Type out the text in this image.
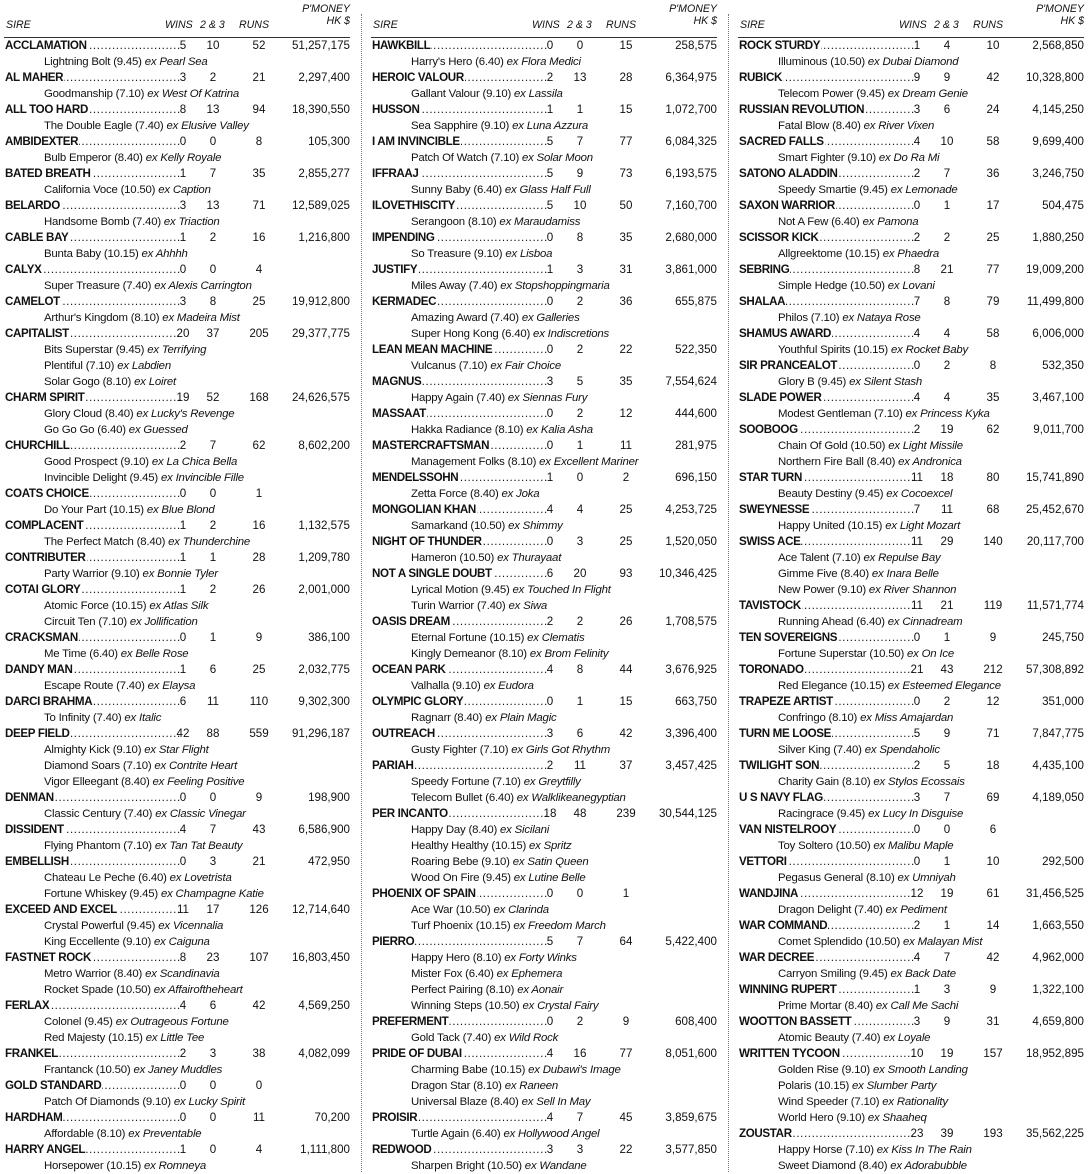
SIRE	WINS 2 & 3 RUNS
P'MONEY
HK $
.....
ACCLAMATION	5	10	52	51,257,175
Lightning Bolt (9.45) ex Pearl Sea
.....
AL MAHER	3	2	21	2,297,400
Goodmanship (7.10) ex West Of Katrina
.....
ALL TOO HARD	8	13	94	18,390,550
The Double Eagle (7.40) ex Elusive Valley
.....
AMBIDEXTER	0	0	8	105,300
Bulb Emperor (8.40) ex Kelly Royale
.....
BATED BREATH	1	7	35	2,855,277
California Voce (10.50) ex Caption
.....
BELARDO	3	13	71	12,589,025
Handsome Bomb (7.40) ex Triaction
.....
CABLE BAY	1	2	16	1,216,800
Bunta Baby (10.15) ex Ahhhh
.....
CALYX	0	0	4
Super Treasure (7.40) ex Alexis Carrington
.....
CAMELOT	3	8	25	19,912,800
Arthur's Kingdom (8.10) ex Madeira Mist
.....
CAPITALIST	20	37	205	29,377,775
Bits Superstar (9.45) ex Terrifying
Plentiful (7.10) ex Labdien
Solar Gogo (8.10) ex Loiret
.....
CHARM SPIRIT	19	52	168	24,626,575
Glory Cloud (8.40) ex Lucky's Revenge
Go Go Go (6.40) ex Guessed
.....
CHURCHILL	2	7	62	8,602,200
Good Prospect (9.10) ex La Chica Bella
Invincible Delight (9.45) ex Invincible Fille
.....
COATS CHOICE	0	0	1
Do Your Part (10.15) ex Blue Blond
.....
COMPLACENT	1	2	16	1,132,575
The Perfect Match (8.40) ex Thunderchine
.....
CONTRIBUTER	1	1	28	1,209,780
Party Warrior (9.10) ex Bonnie Tyler
.....
COTAI GLORY	1	2	26	2,001,000
Atomic Force (10.15) ex Atlas Silk
Circuit Ten (7.10) ex Jollification
.....
CRACKSMAN	0	1	9	386,100
Me Time (6.40) ex Belle Rose
.....
DANDY MAN	1	6	25	2,032,775
Escape Route (7.40) ex Elaysa
.....
DARCI BRAHMA	6	11	110	9,302,300
To Infinity (7.40) ex Italic
.....
DEEP FIELD	42	88	559	91,296,187
Almighty Kick (9.10) ex Star Flight
Diamond Soars (7.10) ex Contrite Heart
Vigor Elleegant (8.40) ex Feeling Positive
.....
DENMAN	0	0	9	198,900
Classic Century (7.40) ex Classic Vinegar
.....
DISSIDENT	4	7	43	6,586,900
Flying Phantom (7.10) ex Tan Tat Beauty
.....
EMBELLISH	0	3	21	472,950
Chateau Le Peche (6.40) ex Lovetrista
Fortune Whiskey (9.45) ex Champagne Katie
.....
EXCEED AND EXCEL	11	17	126	12,714,640
Crystal Powerful (9.45) ex Vicennalia
King Eccellente (9.10) ex Caiguna
.....
FASTNET ROCK	8	23	107	16,803,450
Metro Warrior (8.40) ex Scandinavia
Rocket Spade (10.50) ex Affairoftheheart
.....
FERLAX	4	6	42	4,569,250
Colonel (9.45) ex Outrageous Fortune
Red Majesty (10.15) ex Little Tee
.....
FRANKEL	2	3	38	4,082,099
Frantanck (10.50) ex Janey Muddles
.....
GOLD STANDARD	0	0	0
Patch Of Diamonds (9.10) ex Lucky Spirit
.....
HARDHAM	0	0	11	70,200
Affordable (8.10) ex Preventable
.....
HARRY ANGEL	1	0	4	1,111,800
Horsepower (10.15) ex Romneya
SIRE	WINS 2 & 3 RUNS
P'MONEY
HK $
.....
HAWKBILL	0	0	15	258,575
Harry's Hero (6.40) ex Flora Medici
.....
HEROIC VALOUR	2	13	28	6,364,975
Gallant Valour (9.10) ex Lassila
.....
HUSSON	1	1	15	1,072,700
Sea Sapphire (9.10) ex Luna Azzura
.....
I AM INVINCIBLE	5	7	77	6,084,325
Patch Of Watch (7.10) ex Solar Moon
.....
IFFRAAJ	5	9	73	6,193,575
Sunny Baby (6.40) ex Glass Half Full
.....
ILOVETHISCITY	5	10	50	7,160,700
Serangoon (8.10) ex Maraudamiss
.....
IMPENDING	0	8	35	2,680,000
So Treasure (9.10) ex Lisboa
.....
JUSTIFY	1	3	31	3,861,000
Miles Away (7.40) ex Stopshoppingmaria
.....
KERMADEC	0	2	36	655,875
Amazing Award (7.40) ex Galleries
Super Hong Kong (6.40) ex Indiscretions
.....
LEAN MEAN MACHINE	0	2	22	522,350
Vulcanus (7.10) ex Fair Choice
.....
MAGNUS	3	5	35	7,554,624
Happy Again (7.40) ex Siennas Fury
.....
MASSAAT	0	2	12	444,600
Hakka Radiance (8.10) ex Kalia Asha
.....
MASTERCRAFTSMAN	0	1	11	281,975
Management Folks (8.10) ex Excellent Mariner
.....
MENDELSSOHN	1	0	2	696,150
Zetta Force (8.40) ex Joka
.....
MONGOLIAN KHAN	4	4	25	4,253,725
Samarkand (10.50) ex Shimmy
.....
NIGHT OF THUNDER	0	3	25	1,520,050
Hameron (10.50) ex Thurayaat
.....
NOT A SINGLE DOUBT	6	20	93	10,346,425
Lyrical Motion (9.45) ex Touched In Flight
Turin Warrior (7.40) ex Siwa
.....
OASIS DREAM	2	2	26	1,708,575
Eternal Fortune (10.15) ex Clematis
Kingly Demeanor (8.10) ex Brom Felinity
.....
OCEAN PARK	4	8	44	3,676,925
Valhalla (9.10) ex Eudora
.....
OLYMPIC GLORY	0	1	15	663,750
Ragnarr (8.40) ex Plain Magic
.....
OUTREACH	3	6	42	3,396,400
Gusty Fighter (7.10) ex Girls Got Rhythm
.....
PARIAH	2	11	37	3,457,425
Speedy Fortune (7.10) ex Greytfilly
Telecom Bullet (6.40) ex Walklikeanegyptian
.....
PER INCANTO	18	48	239	30,544,125
Happy Day (8.40) ex Sicilani
Healthy Healthy (10.15) ex Spritz
Roaring Bebe (9.10) ex Satin Queen
Wood On Fire (9.45) ex Lutine Belle
.....
PHOENIX OF SPAIN	0	0	1
Ace War (10.50) ex Clarinda
Turf Phoenix (10.15) ex Freedom March
.....
PIERRO	5	7	64	5,422,400
Happy Hero (8.10) ex Forty Winks
Mister Fox (6.40) ex Ephemera
Perfect Pairing (8.10) ex Aonair
Winning Steps (10.50) ex Crystal Fairy
.....
PREFERMENT	0	2	9	608,400
Gold Tack (7.40) ex Wild Rock
.....
PRIDE OF DUBAI	4	16	77	8,051,600
Charming Babe (10.15) ex Dubawi's Image
Dragon Star (8.10) ex Raneen
Universal Blaze (8.40) ex Sell In May
.....
PROISIR	4	7	45	3,859,675
Turtle Again (6.40) ex Hollywood Angel
.....
REDWOOD	3	3	22	3,577,850
Sharpen Bright (10.50) ex Wandane
SIRE	WINS 2 & 3 RUNS
P'MONEY
HK $
.....
ROCK STURDY	1	4	10	2,568,850
Illuminous (10.50) ex Dubai Diamond
.....
RUBICK	9	9	42	10,328,800
Telecom Power (9.45) ex Dream Genie
.....
RUSSIAN REVOLUTION	3	6	24	4,145,250
Fatal Blow (8.40) ex River Vixen
.....
SACRED FALLS	4	10	58	9,699,400
Smart Fighter (9.10) ex Do Ra Mi
.....
SATONO ALADDIN	2	7	36	3,246,750
Speedy Smartie (9.45) ex Lemonade
.....
SAXON WARRIOR	0	1	17	504,475
Not A Few (6.40) ex Pamona
.....
SCISSOR KICK	2	2	25	1,880,250
Allgreektome (10.15) ex Phaedra
.....
SEBRING	8	21	77	19,009,200
Simple Hedge (10.50) ex Lovani
.....
SHALAA	7	8	79	11,499,800
Philos (7.10) ex Nataya Rose
.....
SHAMUS AWARD	4	4	58	6,006,000
Youthful Spirits (10.15) ex Rocket Baby
.....
SIR PRANCEALOT	0	2	8	532,350
Glory B (9.45) ex Silent Stash
.....
SLADE POWER	4	4	35	3,467,100
Modest Gentleman (7.10) ex Princess Kyka
.....
SOOBOOG	2	19	62	9,011,700
Chain Of Gold (10.50) ex Light Missile
Northern Fire Ball (8.40) ex Andronica
.....
STAR TURN	11	18	80	15,741,890
Beauty Destiny (9.45) ex Cocoexcel
.....
SWEYNESSE	7	11	68	25,452,670
Happy United (10.15) ex Light Mozart
.....
SWISS ACE	11	29	140	20,117,700
Ace Talent (7.10) ex Repulse Bay
Gimme Five (8.40) ex Inara Belle
New Power (9.10) ex River Shannon
.....
TAVISTOCK	11	21	119	11,571,774
Running Ahead (6.40) ex Cinnadream
.....
TEN SOVEREIGNS	0	1	9	245,750
Fortune Superstar (10.50) ex On Ice
.....
TORONADO	21	43	212	57,308,892
Red Elegance (10.15) ex Esteemed Elegance
.....
TRAPEZE ARTIST	0	2	12	351,000
Confringo (8.10) ex Miss Amajardan
.....
TURN ME LOOSE	5	9	71	7,847,775
Silver King (7.40) ex Spendaholic
.....
TWILIGHT SON	2	5	18	4,435,100
Charity Gain (8.10) ex Stylos Ecossais
.....
U S NAVY FLAG	3	7	69	4,189,050
Racingrace (9.45) ex Lucy In Disguise
.....
VAN NISTELROOY	0	0	6
Toy Soltero (10.50) ex Malibu Maple
.....
VETTORI	0	1	10	292,500
Pegasus General (8.10) ex Umniyah
.....
WANDJINA	12	19	61	31,456,525
Dragon Delight (7.40) ex Pediment
.....
WAR COMMAND	2	1	14	1,663,550
Comet Splendido (10.50) ex Malayan Mist
.....
WAR DECREE	4	7	42	4,962,000
Carryon Smiling (9.45) ex Back Date
.....
WINNING RUPERT	1	3	9	1,322,100
Prime Mortar (8.40) ex Call Me Sachi
.....
WOOTTON BASSETT	3	9	31	4,659,800
Atomic Beauty (7.40) ex Loyale
.....
WRITTEN TYCOON	10	19	157	18,952,895
Golden Rise (9.10) ex Smooth Landing
Polaris (10.15) ex Slumber Party
Wind Speeder (7.10) ex Rationality
World Hero (9.10) ex Shaaheq
.....
ZOUSTAR	23	39	193	35,562,225
Happy Horse (7.10) ex Kiss In The Rain
Sweet Diamond (8.40) ex Adorabubble
